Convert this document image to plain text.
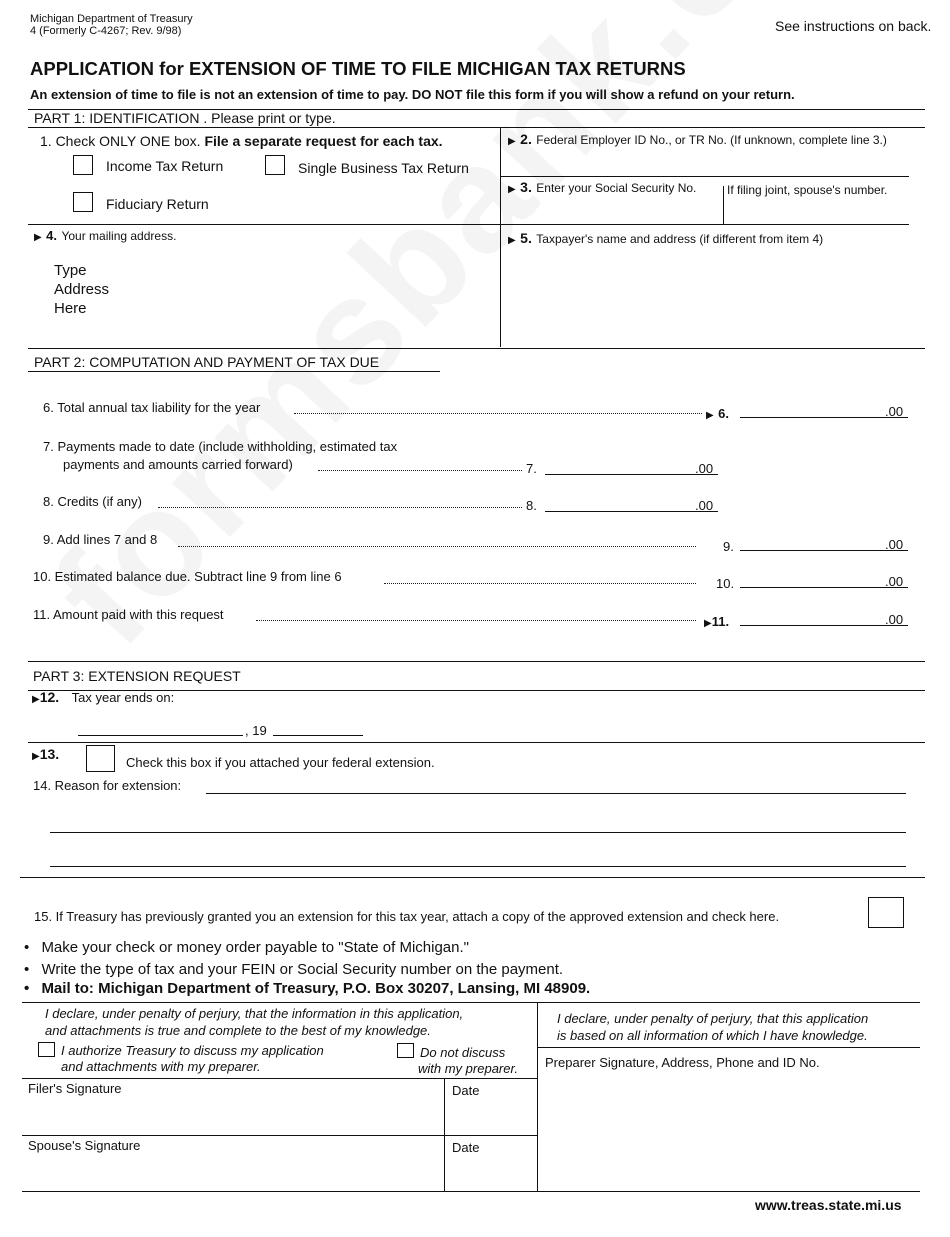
Michigan Department of Treasury
4 (Formerly C-4267; Rev. 9/98)	See instructions on back.
APPLICATION for EXTENSION OF TIME TO FILE MICHIGAN TAX RETURNS
An extension of time to file is not an extension of time to pay. DO NOT file this form if you will show a refund on your return.
PART 1: IDENTIFICATION . Please print or type.
1. Check ONLY ONE box. File a separate request for each tax.
Income Tax Return	Single Business Tax Return
Fiduciary Return
▶ 2. Federal Employer ID No., or TR No. (If unknown, complete line 3.)
▶ 3. Enter your Social Security No.	If filing joint, spouse's number.
▶ 4. Your mailing address.
Type
Address
Here
▶ 5. Taxpayer's name and address (if different from item 4)
PART 2: COMPUTATION AND PAYMENT OF TAX DUE
6. Total annual tax liability for the year
▶ 6.	.00
7. Payments made to date (include withholding, estimated tax
payments and amounts carried forward)	7.	.00
8. Credits (if any)	8.	.00
9. Add lines 7 and 8	9.	.00
10. Estimated balance due. Subtract line 9 from line 6	10.	.00
11. Amount paid with this request
▶11.	.00
PART 3: EXTENSION REQUEST
▶12. Tax year ends on:
, 19
▶13.
Check this box if you attached your federal extension.
14. Reason for extension:
15. If Treasury has previously granted you an extension for this tax year, attach a copy of the approved extension and check here.
• Make your check or money order payable to "State of Michigan."
• Write the type of tax and your FEIN or Social Security number on the payment.
• Mail to: Michigan Department of Treasury, P.O. Box 30207, Lansing, MI 48909.
I declare, under penalty of perjury, that the information in this application,
and attachments is true and complete to the best of my knowledge.
I authorize Treasury to discuss my application
and attachments with my preparer.
Do not discuss
with my preparer.
Filer's Signature	Date
Spouse's Signature	Date
I declare, under penalty of perjury, that this application
is based on all information of which I have knowledge.
Preparer Signature, Address, Phone and ID No.
www.treas.state.mi.us
